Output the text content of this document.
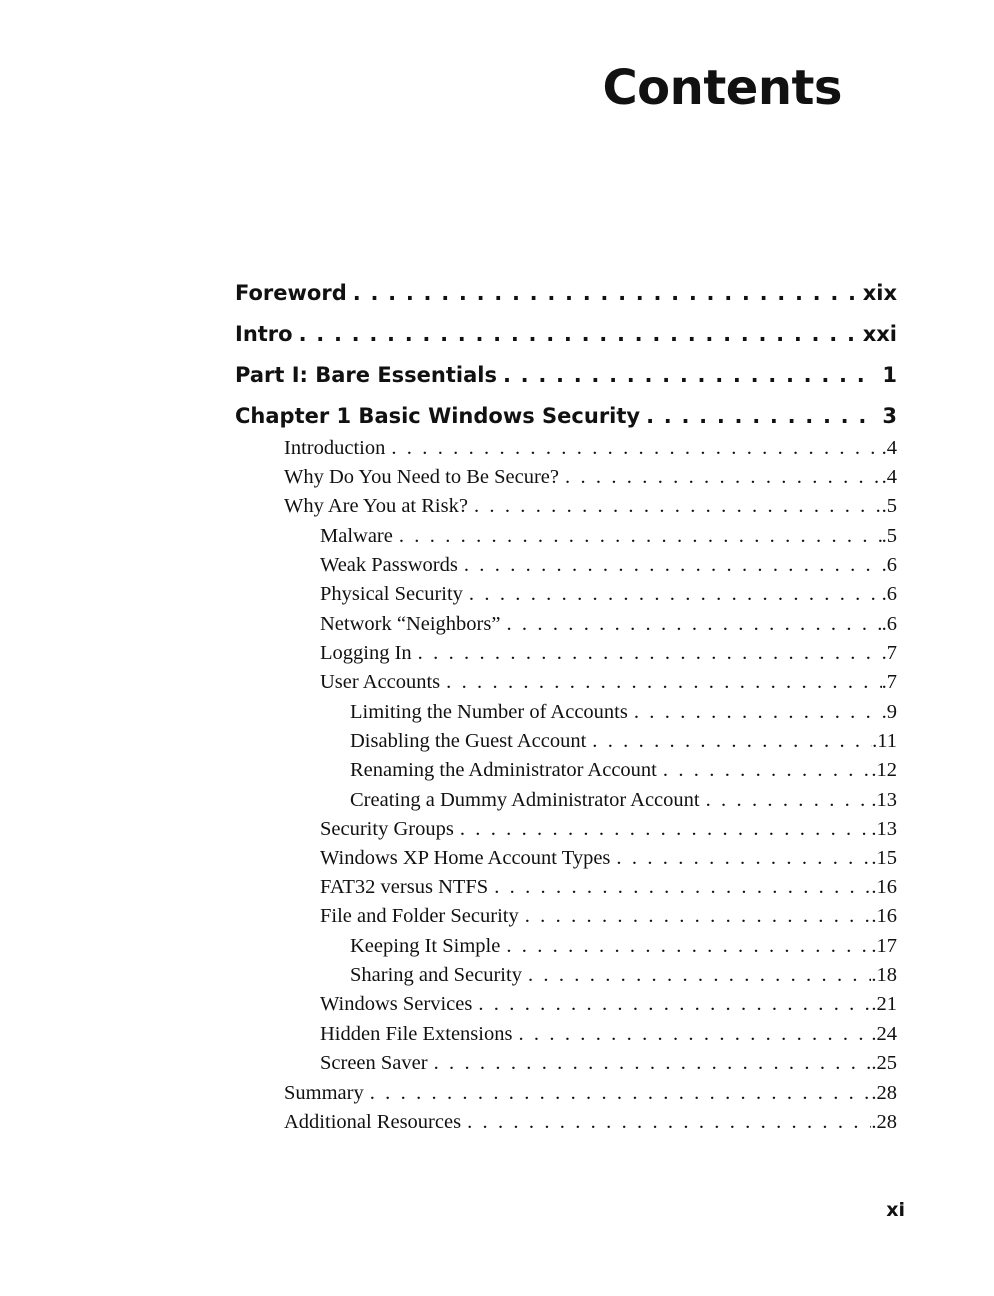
Contents
Foreword . . .	xix
Intro . . .	xxi
Part I: Bare Essentials . . .	1
Chapter 1 Basic Windows Security . . .	3
Introduction . . .	.4
Why Do You Need to Be Secure? . . .	.4
Why Are You at Risk? . . .	.5
Malware . . .	.5
Weak Passwords . . .	.6
Physical Security . . .	.6
Network “Neighbors” . . .	.6
Logging In . . .	.7
User Accounts . . .	.7
Limiting the Number of Accounts . . .	.9
Disabling the Guest Account . . .	.11
Renaming the Administrator Account . . .	.12
Creating a Dummy Administrator Account . . .	.13
Security Groups . . .	.13
Windows XP Home Account Types . . .	.15
FAT32 versus NTFS . . .	.16
File and Folder Security . . .	.16
Keeping It Simple . . .	.17
Sharing and Security . . .	.18
Windows Services . . .	.21
Hidden File Extensions . . .	.24
Screen Saver . . .	.25
Summary . . .	.28
Additional Resources . . .	.28
xi
